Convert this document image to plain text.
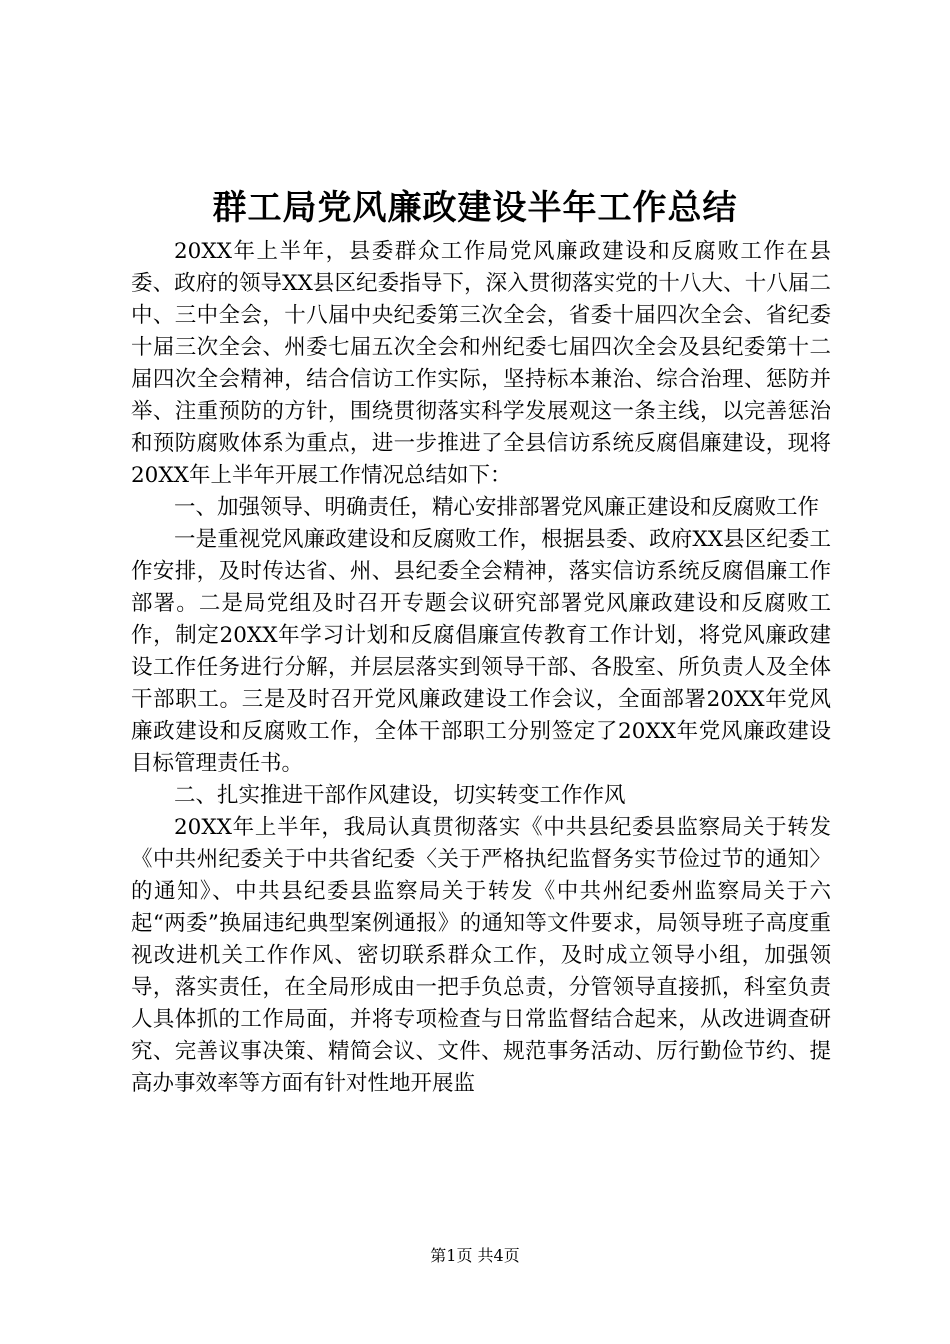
群工局党风廉政建设半年工作总结

20XX年上半年，县委群众工作局党风廉政建设和反腐败工作在县委、政府的领导XX县区纪委指导下，深入贯彻落实党的十八大、十八届二中、三中全会，十八届中央纪委第三次全会，省委十届四次全会、省纪委十届三次全会、州委七届五次全会和州纪委七届四次全会及县纪委第十二届四次全会精神，结合信访工作实际，坚持标本兼治、综合治理、惩防并举、注重预防的方针，围绕贯彻落实科学发展观这一条主线，以完善惩治和预防腐败体系为重点，进一步推进了全县信访系统反腐倡廉建设，现将20XX年上半年开展工作情况总结如下：

一、加强领导、明确责任，精心安排部署党风廉正建设和反腐败工作

一是重视党风廉政建设和反腐败工作，根据县委、政府XX县区纪委工作安排，及时传达省、州、县纪委全会精神，落实信访系统反腐倡廉工作部署。二是局党组及时召开专题会议研究部署党风廉政建设和反腐败工作，制定20XX年学习计划和反腐倡廉宣传教育工作计划，将党风廉政建设工作任务进行分解，并层层落实到领导干部、各股室、所负责人及全体干部职工。三是及时召开党风廉政建设工作会议，全面部署20XX年党风廉政建设和反腐败工作，全体干部职工分别签定了20XX年党风廉政建设目标管理责任书。

二、扎实推进干部作风建设，切实转变工作作风

20XX年上半年，我局认真贯彻落实《中共县纪委县监察局关于转发《中共州纪委关于中共省纪委〈关于严格执纪监督务实节俭过节的通知〉的通知》、中共县纪委县监察局关于转发《中共州纪委州监察局关于六起“两委”换届违纪典型案例通报》的通知等文件要求，局领导班子高度重视改进机关工作作风、密切联系群众工作，及时成立领导小组，加强领导，落实责任，在全局形成由一把手负总责，分管领导直接抓，科室负责人具体抓的工作局面，并将专项检查与日常监督结合起来，从改进调查研究、完善议事决策、精简会议、文件、规范事务活动、厉行勤俭节约、提高办事效率等方面有针对性地开展监

第1页 共4页
